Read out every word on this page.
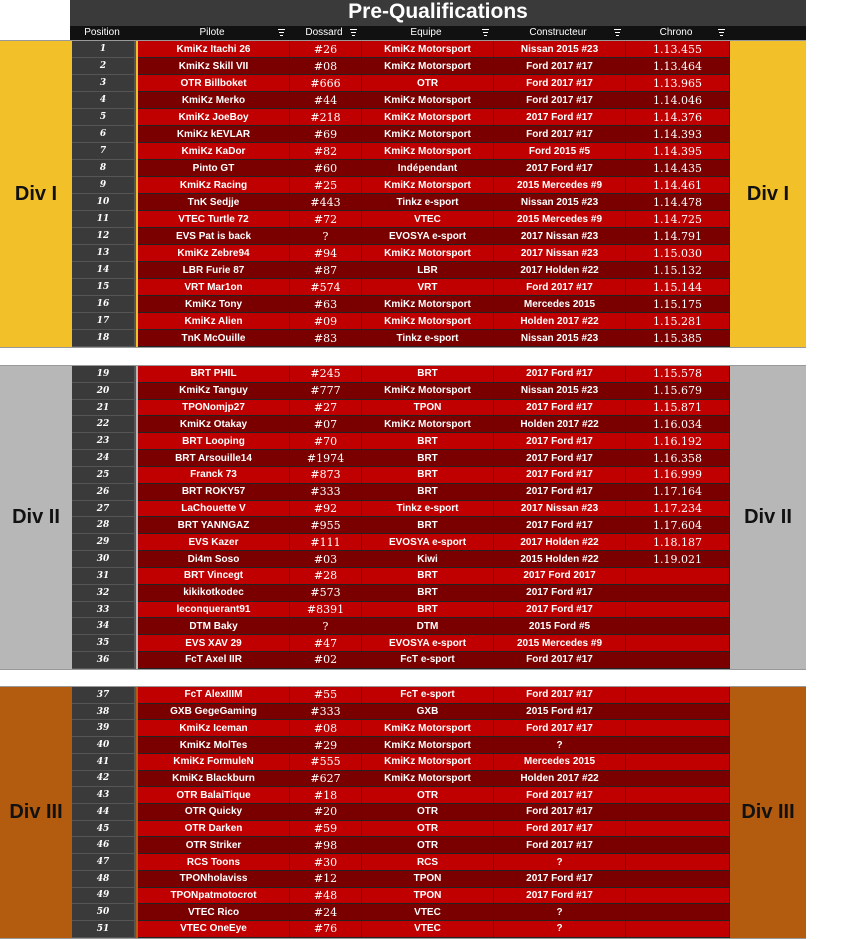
Pre-Qualifications
Position	Pilote	Dossard	Equipe	Constructeur	Chrono
Div I	Div I
1	KmiKz Itachi 26	#26	KmiKz Motorsport	Nissan 2015 #23	1.13.455
2	KmiKz Skill VII	#08	KmiKz Motorsport	Ford 2017 #17	1.13.464
3	OTR Billboket	#666	OTR	Ford 2017 #17	1.13.965
4	KmiKz Merko	#44	KmiKz Motorsport	Ford 2017 #17	1.14.046
5	KmiKz JoeBoy	#218	KmiKz Motorsport	2017 Ford #17	1.14.376
6	KmiKz kEVLAR	#69	KmiKz Motorsport	Ford 2017 #17	1.14.393
7	KmiKz KaDor	#82	KmiKz Motorsport	Ford 2015 #5	1.14.395
8	Pinto GT	#60	Indépendant	2017 Ford #17	1.14.435
9	KmiKz Racing	#25	KmiKz Motorsport	2015 Mercedes #9	1.14.461
10	TnK Sedjje	#443	Tinkz e-sport	Nissan 2015 #23	1.14.478
11	VTEC Turtle 72	#72	VTEC	2015 Mercedes #9	1.14.725
12	EVS Pat is back	?	EVOSYA e-sport	2017 Nissan #23	1.14.791
13	KmiKz Zebre94	#94	KmiKz Motorsport	2017 Nissan #23	1.15.030
14	LBR Furie 87	#87	LBR	2017 Holden #22	1.15.132
15	VRT Mar1on	#574	VRT	Ford 2017 #17	1.15.144
16	KmiKz Tony	#63	KmiKz Motorsport	Mercedes 2015	1.15.175
17	KmiKz Alien	#09	KmiKz Motorsport	Holden 2017 #22	1.15.281
18	TnK McOuille	#83	Tinkz e-sport	Nissan 2015 #23	1.15.385
Div II	Div II
19	BRT PHIL	#245	BRT	2017 Ford #17	1.15.578
20	KmiKz Tanguy	#777	KmiKz Motorsport	Nissan 2015 #23	1.15.679
21	TPONomjp27	#27	TPON	2017 Ford #17	1.15.871
22	KmiKz Otakay	#07	KmiKz Motorsport	Holden 2017 #22	1.16.034
23	BRT Looping	#70	BRT	2017 Ford #17	1.16.192
24	BRT Arsouille14	#1974	BRT	2017 Ford #17	1.16.358
25	Franck 73	#873	BRT	2017 Ford #17	1.16.999
26	BRT ROKY57	#333	BRT	2017 Ford #17	1.17.164
27	LaChouette V	#92	Tinkz e-sport	2017 Nissan #23	1.17.234
28	BRT YANNGAZ	#955	BRT	2017 Ford #17	1.17.604
29	EVS Kazer	#111	EVOSYA e-sport	2017 Holden #22	1.18.187
30	Di4m Soso	#03	Kiwi	2015 Holden #22	1.19.021
31	BRT Vincegt	#28	BRT	2017 Ford 2017
32	kikikotkodec	#573	BRT	2017 Ford #17
33	leconquerant91	#8391	BRT	2017 Ford #17
34	DTM Baky	?	DTM	2015 Ford #5
35	EVS XAV 29	#47	EVOSYA e-sport	2015 Mercedes #9
36	FcT Axel IIR	#02	FcT e-sport	Ford 2017 #17
Div III	Div III
37	FcT AlexIIIM	#55	FcT e-sport	Ford 2017 #17
38	GXB GegeGaming	#333	GXB	2015 Ford #17
39	KmiKz Iceman	#08	KmiKz Motorsport	Ford 2017 #17
40	KmiKz MolTes	#29	KmiKz Motorsport	?
41	KmiKz FormuleN	#555	KmiKz Motorsport	Mercedes 2015
42	KmiKz Blackburn	#627	KmiKz Motorsport	Holden 2017 #22
43	OTR BalaiTique	#18	OTR	Ford 2017 #17
44	OTR Quicky	#20	OTR	Ford 2017 #17
45	OTR Darken	#59	OTR	Ford 2017 #17
46	OTR Striker	#98	OTR	Ford 2017 #17
47	RCS Toons	#30	RCS	?
48	TPONholaviss	#12	TPON	2017 Ford #17
49	TPONpatmotocrot	#48	TPON	2017 Ford #17
50	VTEC Rico	#24	VTEC	?
51	VTEC OneEye	#76	VTEC	?
